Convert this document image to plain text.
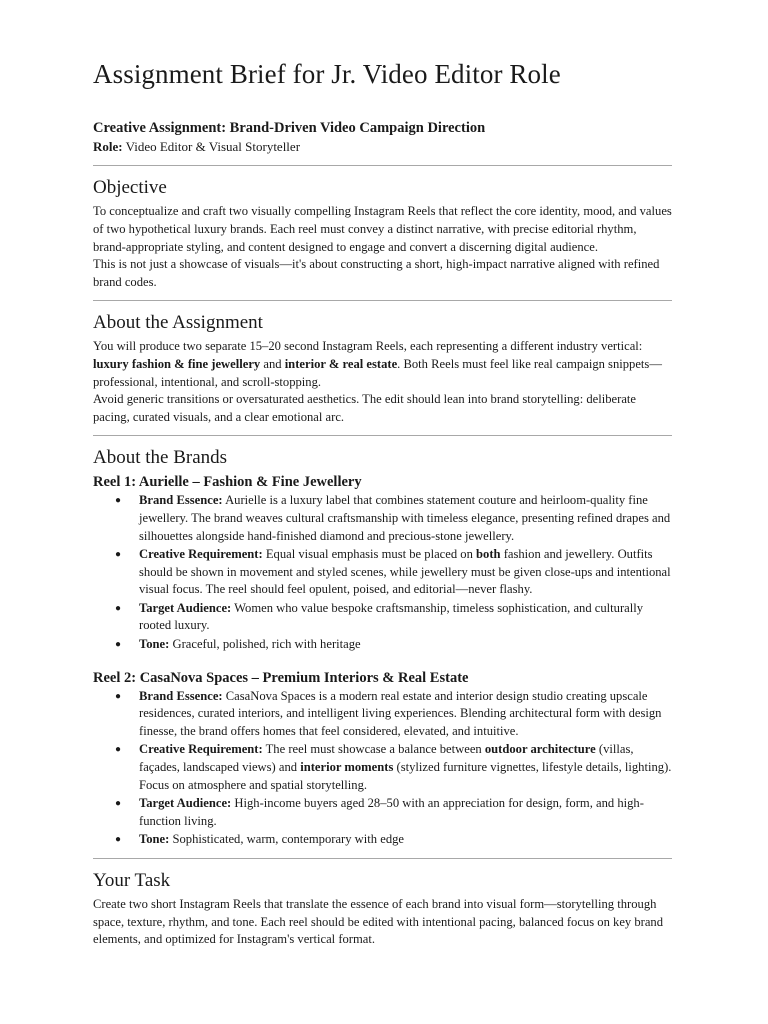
Assignment Brief for Jr. Video Editor Role

Creative Assignment: Brand-Driven Video Campaign Direction

Role: Video Editor & Visual Storyteller

Objective

To conceptualize and craft two visually compelling Instagram Reels that reflect the core identity, mood, and values of two hypothetical luxury brands. Each reel must convey a distinct narrative, with precise editorial rhythm, brand-appropriate styling, and content designed to engage and convert a discerning digital audience.

This is not just a showcase of visuals—it's about constructing a short, high-impact narrative aligned with refined brand codes.

About the Assignment

You will produce two separate 15–20 second Instagram Reels, each representing a different industry vertical: luxury fashion & fine jewellery and interior & real estate. Both Reels must feel like real campaign snippets—professional, intentional, and scroll-stopping.

Avoid generic transitions or oversaturated aesthetics. The edit should lean into brand storytelling: deliberate pacing, curated visuals, and a clear emotional arc.

About the Brands
Reel 1: Aurielle – Fashion & Fine Jewellery
● Brand Essence: Aurielle is a luxury label that combines statement couture and heirloom-quality fine jewellery. The brand weaves cultural craftsmanship with timeless elegance, presenting refined drapes and silhouettes alongside hand-finished diamond and precious-stone jewellery.
● Creative Requirement: Equal visual emphasis must be placed on both fashion and jewellery. Outfits should be shown in movement and styled scenes, while jewellery must be given close-ups and intentional visual focus. The reel should feel opulent, poised, and editorial—never flashy.
● Target Audience: Women who value bespoke craftsmanship, timeless sophistication, and culturally rooted luxury.
● Tone: Graceful, polished, rich with heritage
Reel 2: CasaNova Spaces – Premium Interiors & Real Estate
● Brand Essence: CasaNova Spaces is a modern real estate and interior design studio creating upscale residences, curated interiors, and intelligent living experiences. Blending architectural form with design finesse, the brand offers homes that feel considered, elevated, and intuitive.
● Creative Requirement: The reel must showcase a balance between outdoor architecture (villas, façades, landscaped views) and interior moments (stylized furniture vignettes, lifestyle details, lighting). Focus on atmosphere and spatial storytelling.
● Target Audience: High-income buyers aged 28–50 with an appreciation for design, form, and high-function living.
● Tone: Sophisticated, warm, contemporary with edge
Your Task

Create two short Instagram Reels that translate the essence of each brand into visual form—storytelling through space, texture, rhythm, and tone. Each reel should be edited with intentional pacing, balanced focus on key brand elements, and optimized for Instagram's vertical format.
